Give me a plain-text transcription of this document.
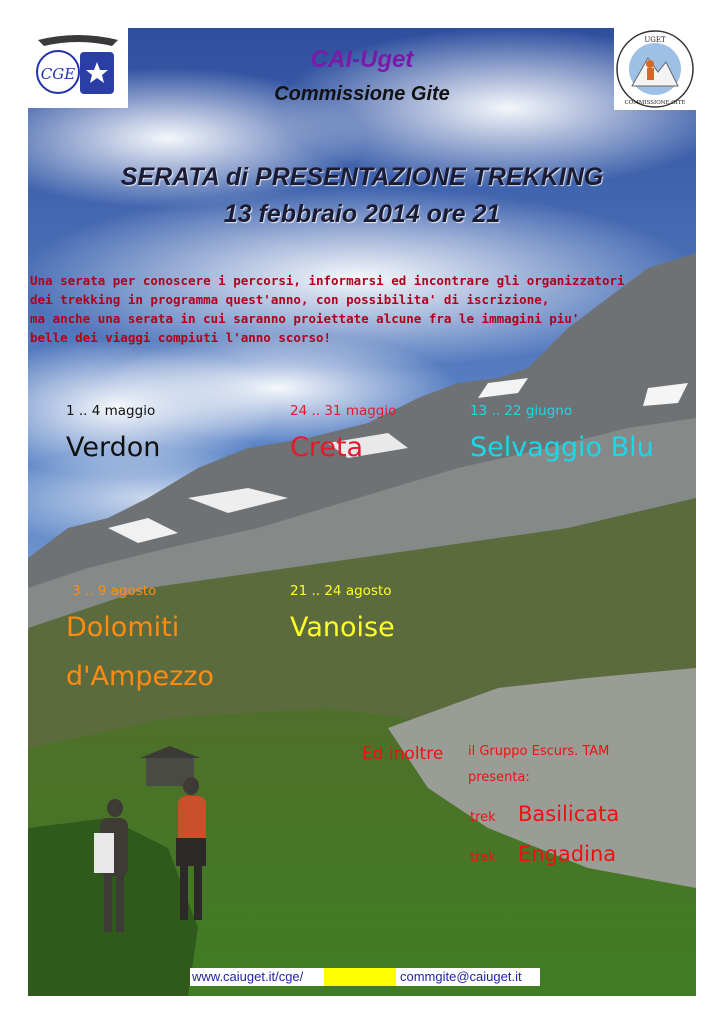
CGE
UGET
COMMISSIONE GITE
CAI-Uget
Commissione Gite
SERATA di PRESENTAZIONE TREKKING
13 febbraio 2014 ore 21
Una serata per conoscere i percorsi, informarsi ed incontrare gli organizzatori
dei trekking in programma quest'anno, con possibilita' di iscrizione,
ma anche una serata in cui saranno proiettate alcune fra le immagini piu'
belle dei viaggi compiuti l'anno scorso!
1 .. 4 maggio
Verdon
24 .. 31 maggio
Creta
13 .. 22 giugno
Selvaggio Blu
3 .. 9 agosto
Dolomiti
d'Ampezzo
21 .. 24 agosto
Vanoise
Ed inoltre il Gruppo Escurs. TAM
presenta:
trek Basilicata
trek Engadina
www.caiuget.it/cge/	commgite@caiuget.it
